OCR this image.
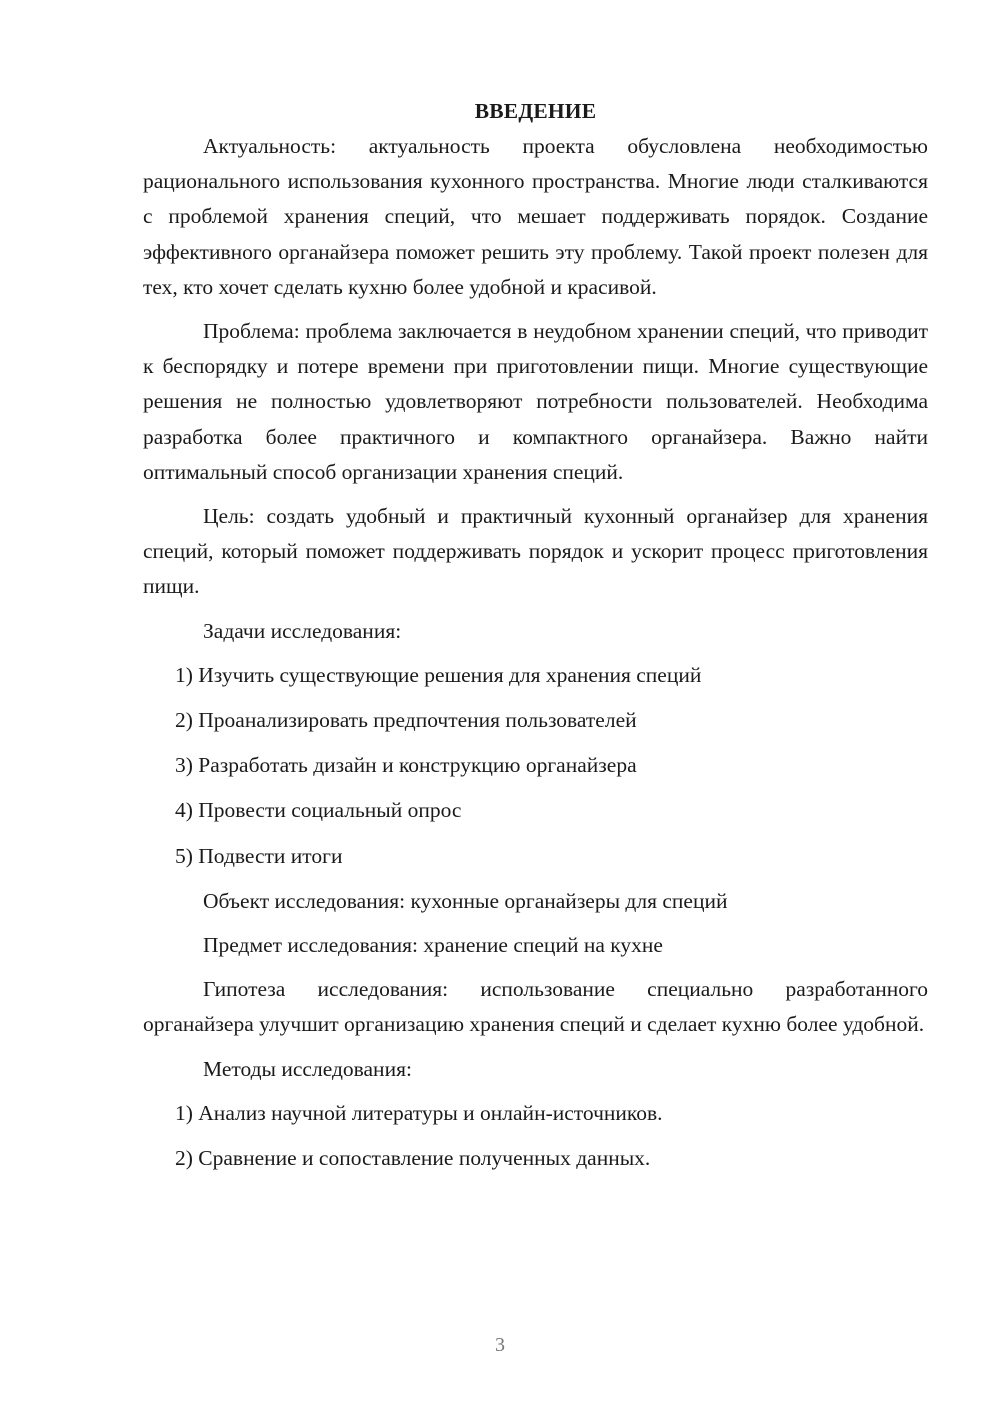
ВВЕДЕНИЕ

Актуальность: актуальность проекта обусловлена необходимостью рационального использования кухонного пространства. Многие люди сталкиваются с проблемой хранения специй, что мешает поддерживать порядок. Создание эффективного органайзера поможет решить эту проблему. Такой проект полезен для тех, кто хочет сделать кухню более удобной и красивой.

Проблема: проблема заключается в неудобном хранении специй, что приводит к беспорядку и потере времени при приготовлении пищи. Многие существующие решения не полностью удовлетворяют потребности пользователей. Необходима разработка более практичного и компактного органайзера. Важно найти оптимальный способ организации хранения специй.

Цель: создать удобный и практичный кухонный органайзер для хранения специй, который поможет поддерживать порядок и ускорит процесс приготовления пищи.

Задачи исследования:

1) Изучить существующие решения для хранения специй
2) Проанализировать предпочтения пользователей
3) Разработать дизайн и конструкцию органайзера
4) Провести социальный опрос
5) Подвести итоги

Объект исследования: кухонные органайзеры для специй

Предмет исследования: хранение специй на кухне

Гипотеза исследования: использование специально разработанного органайзера улучшит организацию хранения специй и сделает кухню более удобной.

Методы исследования:

1) Анализ научной литературы и онлайн-источников.
2) Сравнение и сопоставление полученных данных.
3
